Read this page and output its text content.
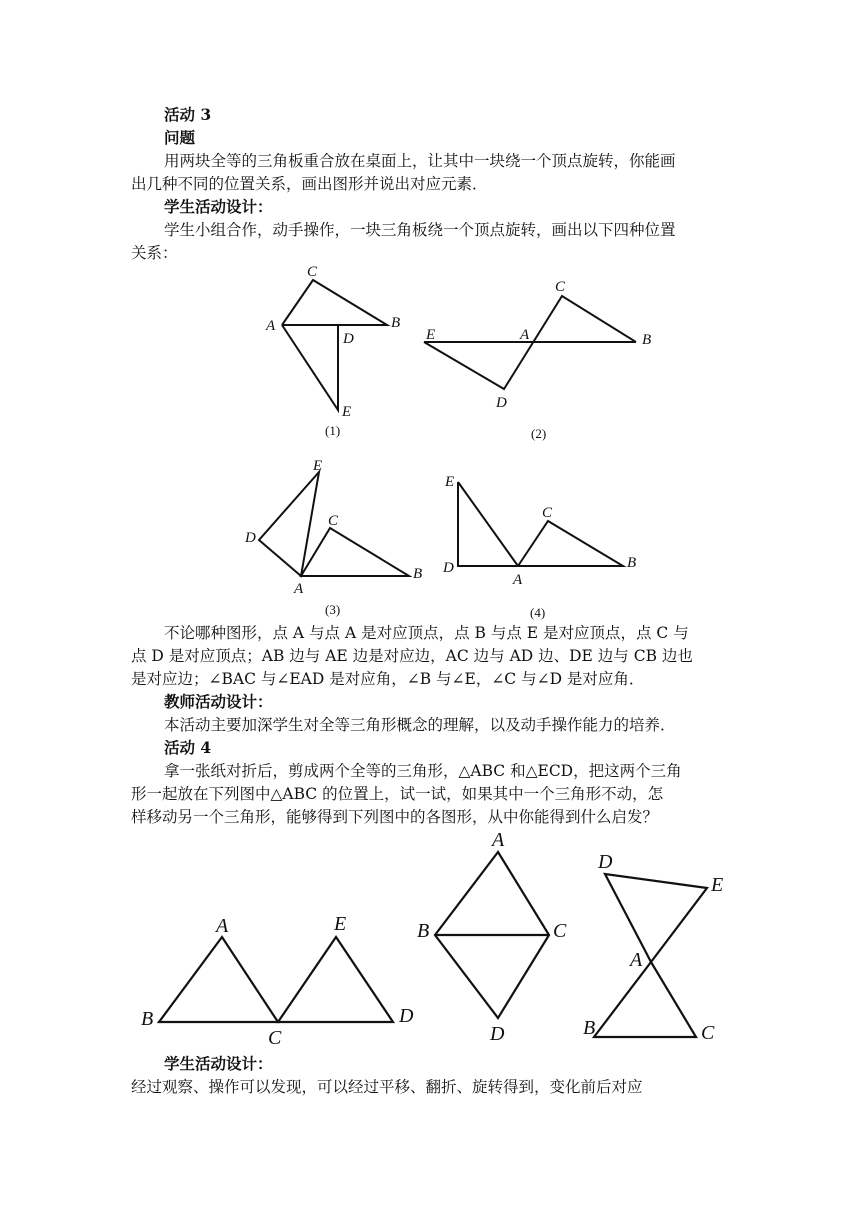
活动 3
问题
用两块全等的三角板重合放在桌面上，让其中一块绕一个顶点旋转，你能画
出几种不同的位置关系，画出图形并说出对应元素．
学生活动设计：
学生小组合作，动手操作，一块三角板绕一个顶点旋转，画出以下四种位置
关系：
C
A	B
D
E
(1)
C
E	A	B
D
(2)
E
C
D
B
A
(3)
E
C
D	B
A
(4)
不论哪种图形，点 A 与点 A 是对应顶点，点 B 与点 E 是对应顶点，点 C 与
点 D 是对应顶点；AB 边与 AE 边是对应边，AC 边与 AD 边、DE 边与 CB 边也
是对应边；∠BAC 与∠EAD 是对应角，∠B 与∠E，∠C 与∠D 是对应角．
教师活动设计：
本活动主要加深学生对全等三角形概念的理解，以及动手操作能力的培养．
活动 4
拿一张纸对折后，剪成两个全等的三角形，△ABC 和△ECD，把这两个三角
形一起放在下列图中△ABC 的位置上，试一试，如果其中一个三角形不动，怎
样移动另一个三角形，能够得到下列图中的各图形，从中你能得到什么启发？
A	E
B	D
C
A
B	C
D
D
E
A
B	C
学生活动设计：
经过观察、操作可以发现，可以经过平移、翻折、旋转得到，变化前后对应
